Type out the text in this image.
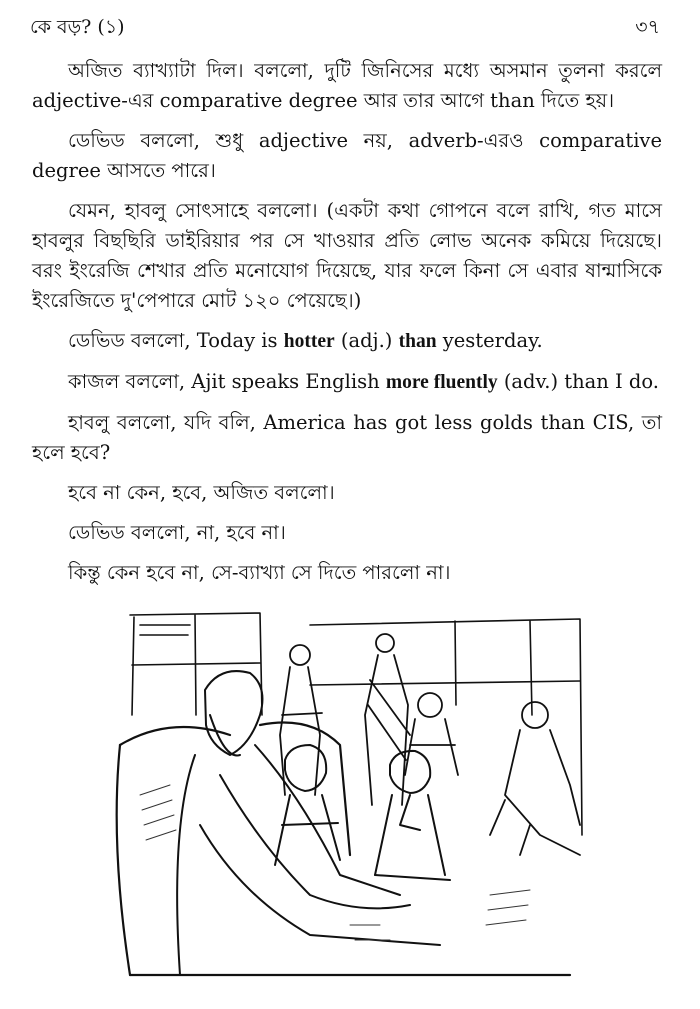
কে বড়? (১)	৩৭

অজিত ব্যাখ্যাটা দিল। বললো, দুটি জিনিসের মধ্যে অসমান তুলনা করলে adjective-এর comparative degree আর তার আগে than দিতে হয়।

ডেভিড বললো, শুধু adjective নয়, adverb-এরও comparative degree আসতে পারে।

যেমন, হাবলু সোৎসাহে বললো। (একটা কথা গোপনে বলে রাখি, গত মাসে হাবলুর বিছছিরি ডাইরিয়ার পর সে খাওয়ার প্রতি লোভ অনেক কমিয়ে দিয়েছে। বরং ইংরেজি শেখার প্রতি মনোযোগ দিয়েছে, যার ফলে কিনা সে এবার ষান্মাসিকে ইংরেজিতে দু'পেপারে মোট ১২০ পেয়েছে।)

ডেভিড বললো, Today is hotter (adj.) than yesterday.

কাজল বললো, Ajit speaks English more fluently (adv.) than I do.

হাবলু বললো, যদি বলি, America has got less golds than CIS, তা হলে হবে?

হবে না কেন, হবে, অজিত বললো।

ডেভিড বললো, না, হবে না।

কিন্তু কেন হবে না, সে-ব্যাখ্যা সে দিতে পারলো না।
